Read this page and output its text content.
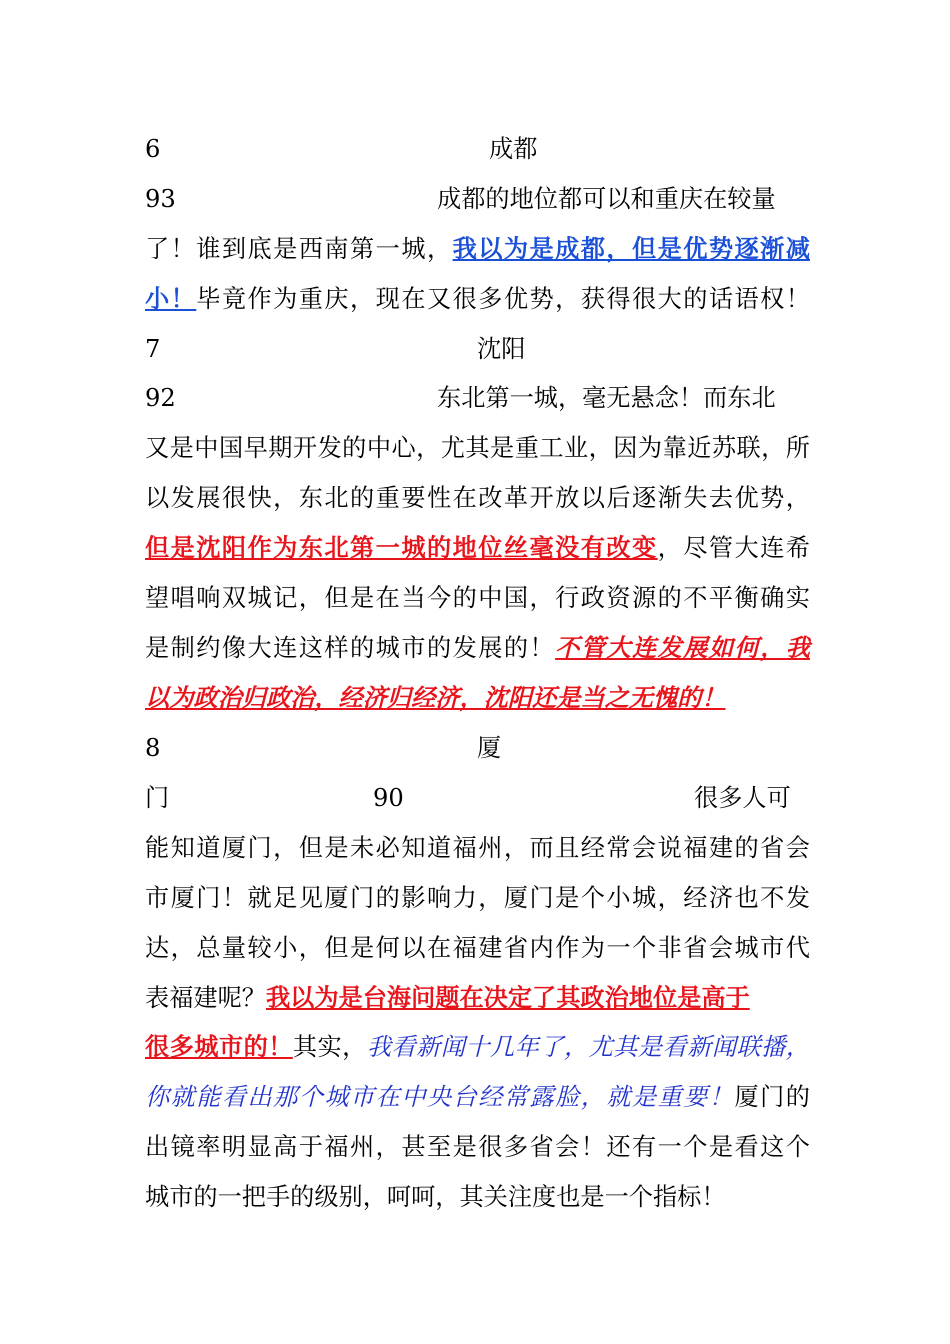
6	成都
93	成都的地位都可以和重庆在较量
了！谁到底是西南第一城，我以为是成都，但是优势逐渐减
小！毕竟作为重庆，现在又很多优势，获得很大的话语权！
7	沈阳
92	东北第一城，毫无悬念！而东北
又是中国早期开发的中心，尤其是重工业，因为靠近苏联，所
以发展很快，东北的重要性在改革开放以后逐渐失去优势，
但是沈阳作为东北第一城的地位丝毫没有改变，尽管大连希
望唱响双城记，但是在当今的中国，行政资源的不平衡确实
是制约像大连这样的城市的发展的！不管大连发展如何，我
以为政治归政治，经济归经济，沈阳还是当之无愧的！
8	厦
门	90	很多人可
能知道厦门，但是未必知道福州，而且经常会说福建的省会
市厦门！就足见厦门的影响力，厦门是个小城，经济也不发
达，总量较小，但是何以在福建省内作为一个非省会城市代
表福建呢？我以为是台海问题在决定了其政治地位是高于
很多城市的！其实，我看新闻十几年了，尤其是看新闻联播，
你就能看出那个城市在中央台经常露脸，就是重要！厦门的
出镜率明显高于福州，甚至是很多省会！还有一个是看这个
城市的一把手的级别，呵呵，其关注度也是一个指标！
